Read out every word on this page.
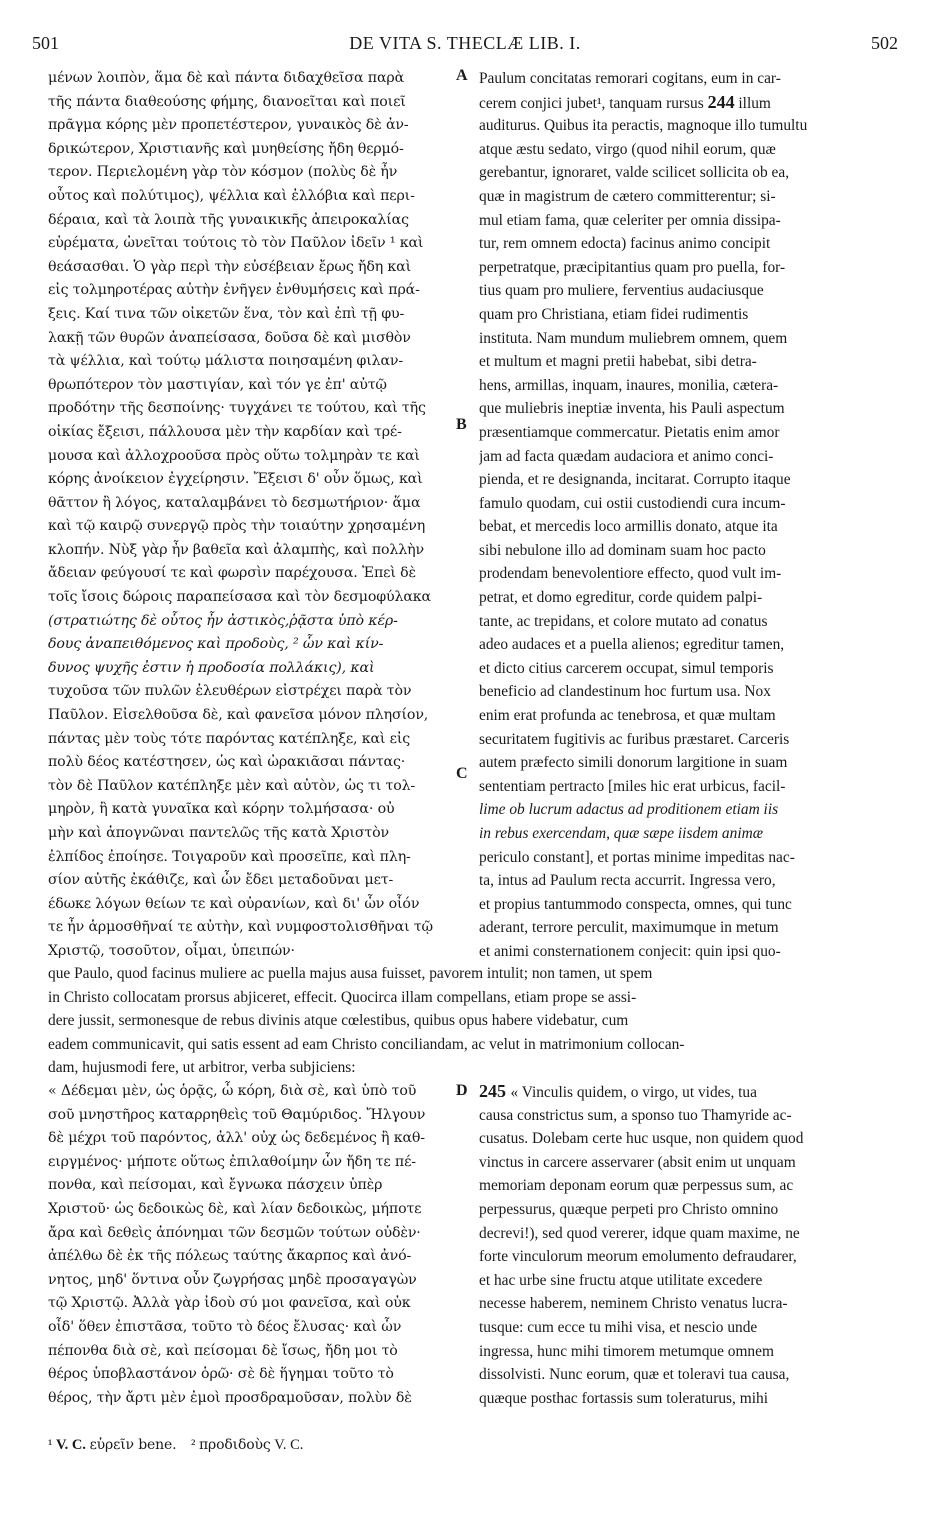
501	DE VITA S. THECLÆ LIB. I.	502
A
B
C
D
μένων λοιπὸν, ἅμα δὲ καὶ πάντα διδαχθεῖσα παρὰ
τῆς πάντα διαθεούσης φήμης, διανοεῖται καὶ ποιεῖ
πρᾶγμα κόρης μὲν προπετέστερον, γυναικὸς δὲ ἀν-
δρικώτερον, Χριστιανῆς καὶ μυηθείσης ἤδη θερμό-
τερον. Περιελομένη γὰρ τὸν κόσμον (πολὺς δὲ ἦν
οὗτος καὶ πολύτιμος), ψέλλια καὶ ἐλλόβια καὶ περι-
δέραια, καὶ τὰ λοιπὰ τῆς γυναικικῆς ἀπειροκαλίας
εὑρέματα, ὠνεῖται τούτοις τὸ τὸν Παῦλον ἰδεῖν ¹ καὶ
θεάσασθαι. Ὁ γὰρ περὶ τὴν εὐσέβειαν ἔρως ἤδη καὶ
εἰς τολμηροτέρας αὐτὴν ἐνῆγεν ἐνθυμήσεις καὶ πρά-
ξεις. Καί τινα τῶν οἰκετῶν ἕνα, τὸν καὶ ἐπὶ τῇ φυ-
λακῇ τῶν θυρῶν ἀναπείσασα, δοῦσα δὲ καὶ μισθὸν
τὰ ψέλλια, καὶ τούτῳ μάλιστα ποιησαμένη φιλαν-
θρωπότερον τὸν μαστιγίαν, καὶ τόν γε ἐπ' αὐτῷ
προδότην τῆς δεσποίνης· τυγχάνει τε τούτου, καὶ τῆς
οἰκίας ἔξεισι, πάλλουσα μὲν τὴν καρδίαν καὶ τρέ-
μουσα καὶ ἀλλοχροοῦσα πρὸς οὕτω τολμηρὰν τε καὶ
κόρης ἀνοίκειον ἐγχείρησιν. Ἔξεισι δ' οὖν ὅμως, καὶ
θᾶττον ἢ λόγος, καταλαμβάνει τὸ δεσμωτήριον· ἅμα
καὶ τῷ καιρῷ συνεργῷ πρὸς τὴν τοιαύτην χρησαμένη
κλοπήν. Νὺξ γὰρ ἦν βαθεῖα καὶ ἀλαμπὴς, καὶ πολλὴν
ἄδειαν φεύγουσί τε καὶ φωρσὶν παρέχουσα. Ἐπεὶ δὲ
τοῖς ἴσοις δώροις παραπείσασα καὶ τὸν δεσμοφύλακα
(στρατιώτης δὲ οὗτος ἦν ἀστικὸς,ῥᾷστα ὑπὸ κέρ-
δους ἀναπειθόμενος καὶ προδοὺς, ² ὧν καὶ κίν-
δυνος ψυχῆς ἐστιν ἡ προδοσία πολλάκις), καὶ
τυχοῦσα τῶν πυλῶν ἐλευθέρων εἰστρέχει παρὰ τὸν
Παῦλον. Εἰσελθοῦσα δὲ, καὶ φανεῖσα μόνον πλησίον,
πάντας μὲν τοὺς τότε παρόντας κατέπληξε, καὶ εἰς
πολὺ δέος κατέστησεν, ὡς καὶ ὠρακιᾶσαι πάντας·
τὸν δὲ Παῦλον κατέπληξε μὲν καὶ αὐτὸν, ὡς τι τολ-
μηρὸν, ἢ κατὰ γυναῖκα καὶ κόρην τολμήσασα· οὐ
μὴν καὶ ἀπογνῶναι παντελῶς τῆς κατὰ Χριστὸν
ἐλπίδος ἐποίησε. Τοιγαροῦν καὶ προσεῖπε, καὶ πλη-
σίον αὐτῆς ἐκάθιζε, καὶ ὧν ἔδει μεταδοῦναι μετ-
έδωκε λόγων θείων τε καὶ οὐρανίων, καὶ δι' ὧν οἷόν
τε ἦν ἁρμοσθῆναί τε αὐτὴν, καὶ νυμφοστολισθῆναι τῷ
Χριστῷ, τοσοῦτον, οἶμαι, ὑπειπών·
Paulum concitatas remorari cogitans, eum in car-
cerem conjici jubet¹, tanquam rursus 244 illum
auditurus. Quibus ita peractis, magnoque illo tumultu
atque æstu sedato, virgo (quod nihil eorum, quæ
gerebantur, ignoraret, valde scilicet sollicita ob ea,
quæ in magistrum de cætero committerentur; si-
mul etiam fama, quæ celeriter per omnia dissipa-
tur, rem omnem edocta) facinus animo concipit
perpetratque, præcipitantius quam pro puella, for-
tius quam pro muliere, ferventius audaciusque
quam pro Christiana, etiam fidei rudimentis
instituta. Nam mundum muliebrem omnem, quem
et multum et magni pretii habebat, sibi detra-
hens, armillas, inquam, inaures, monilia, cætera-
que muliebris ineptiæ inventa, his Pauli aspectum
præsentiamque commercatur. Pietatis enim amor
jam ad facta quædam audaciora et animo conci-
pienda, et re designanda, incitarat. Corrupto itaque
famulo quodam, cui ostii custodiendi cura incum-
bebat, et mercedis loco armillis donato, atque ita
sibi nebulone illo ad dominam suam hoc pacto
prodendam benevolentiore effecto, quod vult im-
petrat, et domo egreditur, corde quidem palpi-
tante, ac trepidans, et colore mutato ad conatus
adeo audaces et a puella alienos; egreditur tamen,
et dicto citius carcerem occupat, simul temporis
beneficio ad clandestinum hoc furtum usa. Nox
enim erat profunda ac tenebrosa, et quæ multam
securitatem fugitivis ac furibus præstaret. Carceris
autem præfecto simili donorum largitione in suam
sententiam pertracto [miles hic erat urbicus, facil-
lime ob lucrum adactus ad proditionem etiam iis
in rebus exercendam, quæ sæpe iisdem animæ
periculo constant], et portas minime impeditas nac-
ta, intus ad Paulum recta accurrit. Ingressa vero,
et propius tantummodo conspecta, omnes, qui tunc
aderant, terrore perculit, maximumque in metum
et animi consternationem conjecit: quin ipsi quo-
que Paulo, quod facinus muliere ac puella majus ausa fuisset, pavorem intulit; non tamen, ut spem
in Christo collocatam prorsus abjiceret, effecit. Quocirca illam compellans, etiam prope se assi-
dere jussit, sermonesque de rebus divinis atque cœlestibus, quibus opus habere videbatur, cum
eadem communicavit, qui satis essent ad eam Christo conciliandam, ac velut in matrimonium collocan-
dam, hujusmodi fere, ut arbitror, verba subjiciens:
« Δέδεμαι μὲν, ὡς ὁρᾷς, ὦ κόρη, διὰ σὲ, καὶ ὑπὸ τοῦ
σοῦ μνηστῆρος καταρρηθεὶς τοῦ Θαμύριδος. Ἤλγουν
δὲ μέχρι τοῦ παρόντος, ἀλλ' οὐχ ὡς δεδεμένος ἢ καθ-
ειργμένος· μήποτε οὕτως ἐπιλαθοίμην ὧν ἤδη τε πέ-
πονθα, καὶ πείσομαι, καὶ ἔγνωκα πάσχειν ὑπὲρ
Χριστοῦ· ὡς δεδοικὼς δὲ, καὶ λίαν δεδοικὼς, μήποτε
ἄρα καὶ δεθεὶς ἀπόνημαι τῶν δεσμῶν τούτων οὐδὲν·
ἀπέλθω δὲ ἐκ τῆς πόλεως ταύτης ἄκαρπος καὶ ἀνό-
νητος, μηδ' ὅντινα οὖν ζωγρήσας μηδὲ προσαγαγὼν
τῷ Χριστῷ. Ἀλλὰ γὰρ ἰδοὺ σύ μοι φανεῖσα, καὶ οὐκ
οἶδ' ὅθεν ἐπιστᾶσα, τοῦτο τὸ δέος ἔλυσας· καὶ ὧν
πέπονθα διὰ σὲ, καὶ πείσομαι δὲ ἴσως, ἤδη μοι τὸ
θέρος ὑποβλαστάνον ὁρῶ· σὲ δὲ ἥγημαι τοῦτο τὸ
θέρος, τὴν ἄρτι μὲν ἐμοὶ προσδραμοῦσαν, πολὺν δὲ
245 « Vinculis quidem, o virgo, ut vides, tua
causa constrictus sum, a sponso tuo Thamyride ac-
cusatus. Dolebam certe huc usque, non quidem quod
vinctus in carcere asservarer (absit enim ut unquam
memoriam deponam eorum quæ perpessus sum, ac
perpessurus, quæque perpeti pro Christo omnino
decrevi!), sed quod vererer, idque quam maxime, ne
forte vinculorum meorum emolumento defraudarer,
et hac urbe sine fructu atque utilitate excedere
necesse haberem, neminem Christo venatus lucra-
tusque: cum ecce tu mihi visa, et nescio unde
ingressa, hunc mihi timorem metumque omnem
dissolvisti. Nunc eorum, quæ et toleravi tua causa,
quæque posthac fortassis sum toleraturus, mihi
¹ V. C. εὑρεῖν bene. ² προδιδοὺς V. C.
